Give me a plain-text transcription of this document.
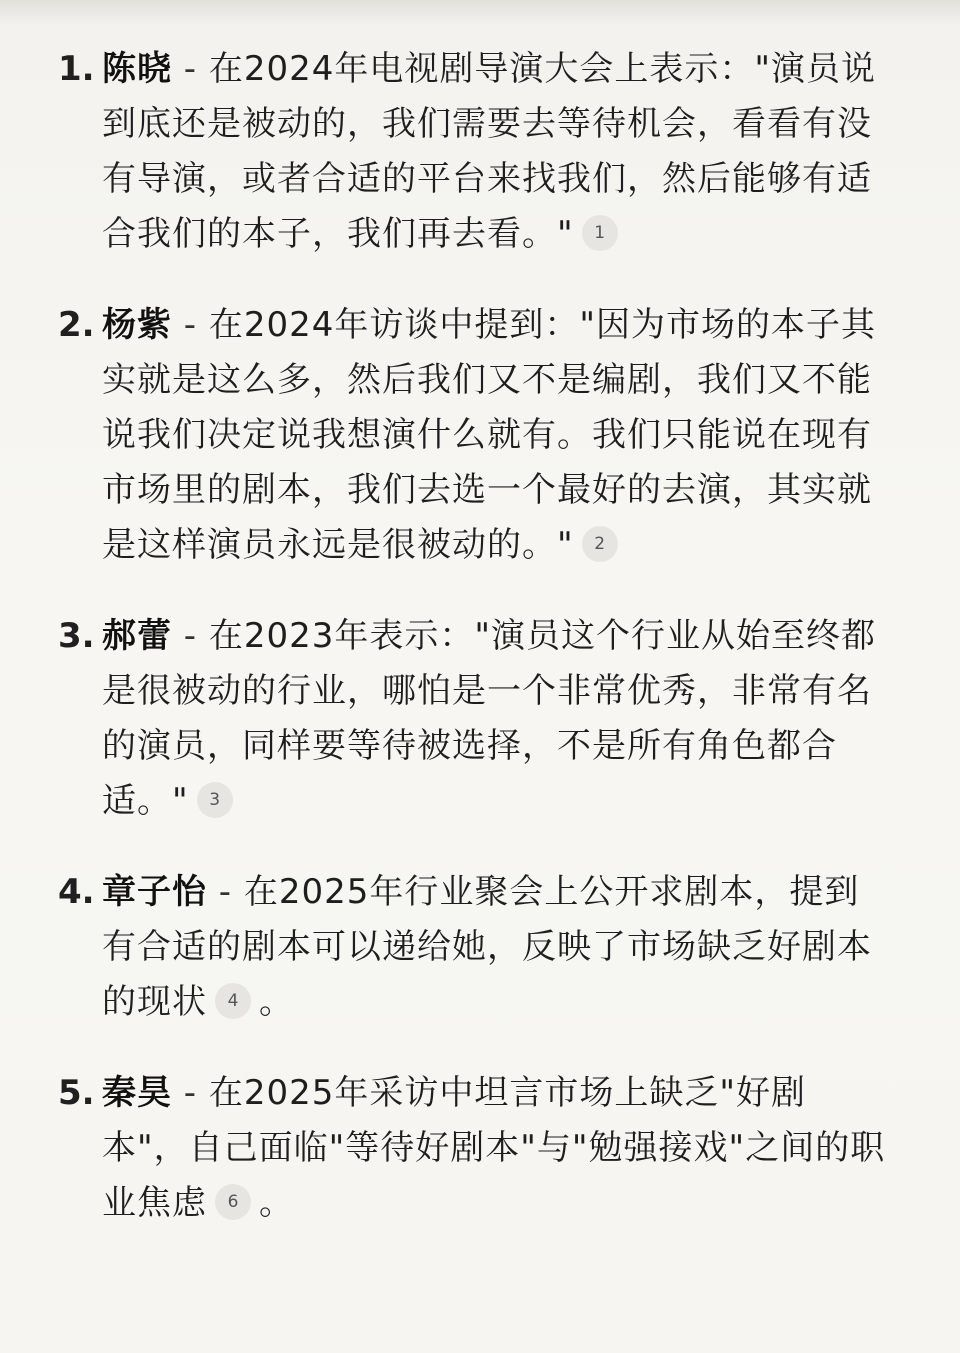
1. 陈晓 - 在2024年电视剧导演大会上表示："演员说到底还是被动的，我们需要去等待机会，看看有没有导演，或者合适的平台来找我们，然后能够有适合我们的本子，我们再去看。" 1
2. 杨紫 - 在2024年访谈中提到："因为市场的本子其实就是这么多，然后我们又不是编剧，我们又不能说我们决定说我想演什么就有。我们只能说在现有市场里的剧本，我们去选一个最好的去演，其实就是这样演员永远是很被动的。" 2
3. 郝蕾 - 在2023年表示："演员这个行业从始至终都是很被动的行业，哪怕是一个非常优秀，非常有名的演员，同样要等待被选择，不是所有角色都合适。" 3
4. 章子怡 - 在2025年行业聚会上公开求剧本，提到有合适的剧本可以递给她，反映了市场缺乏好剧本的现状 4 。
5. 秦昊 - 在2025年采访中坦言市场上缺乏"好剧本"，自己面临"等待好剧本"与"勉强接戏"之间的职业焦虑 6 。
